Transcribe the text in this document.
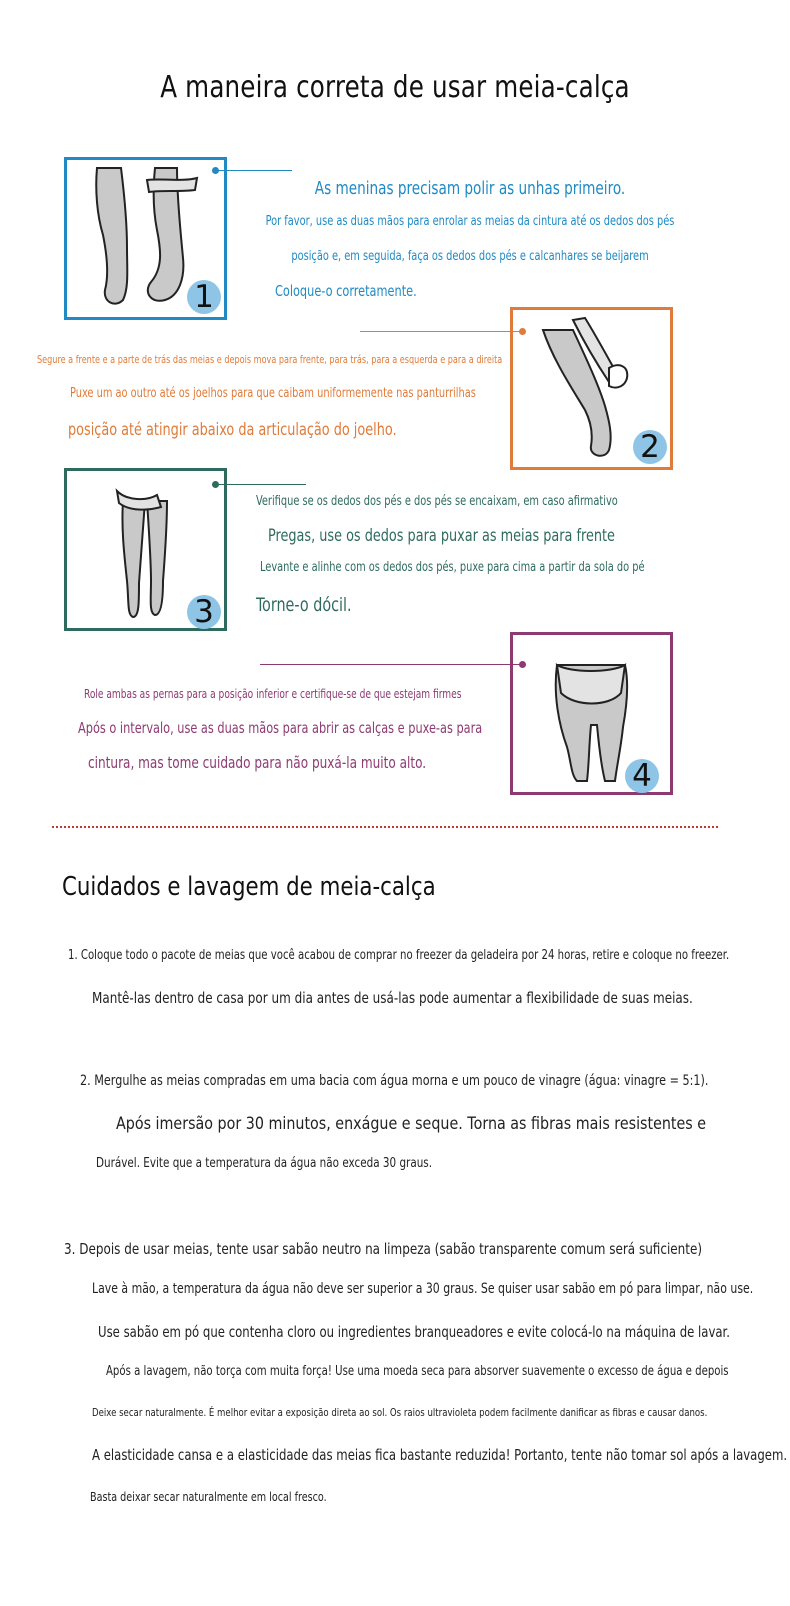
A maneira correta de usar meia-calça
1
As meninas precisam polir as unhas primeiro.
Por favor, use as duas mãos para enrolar as meias da cintura até os dedos dos pés
posição e, em seguida, faça os dedos dos pés e calcanhares se beijarem
Coloque-o corretamente.
2
Segure a frente e a parte de trás das meias e depois mova para frente, para trás, para a esquerda e para a direita
Puxe um ao outro até os joelhos para que caibam uniformemente nas panturrilhas
posição até atingir abaixo da articulação do joelho.
3
Verifique se os dedos dos pés e dos pés se encaixam, em caso afirmativo
Pregas, use os dedos para puxar as meias para frente
Levante e alinhe com os dedos dos pés, puxe para cima a partir da sola do pé
Torne-o dócil.
4
Role ambas as pernas para a posição inferior e certifique-se de que estejam firmes
Após o intervalo, use as duas mãos para abrir as calças e puxe-as para
cintura, mas tome cuidado para não puxá-la muito alto.
Cuidados e lavagem de meia-calça
1. Coloque todo o pacote de meias que você acabou de comprar no freezer da geladeira por 24 horas, retire e coloque no freezer.
Mantê-las dentro de casa por um dia antes de usá-las pode aumentar a flexibilidade de suas meias.
2. Mergulhe as meias compradas em uma bacia com água morna e um pouco de vinagre (água: vinagre = 5:1).
Após imersão por 30 minutos, enxágue e seque. Torna as fibras mais resistentes e
Durável. Evite que a temperatura da água não exceda 30 graus.
3. Depois de usar meias, tente usar sabão neutro na limpeza (sabão transparente comum será suficiente)
Lave à mão, a temperatura da água não deve ser superior a 30 graus. Se quiser usar sabão em pó para limpar, não use.
Use sabão em pó que contenha cloro ou ingredientes branqueadores e evite colocá-lo na máquina de lavar.
Após a lavagem, não torça com muita força! Use uma moeda seca para absorver suavemente o excesso de água e depois
Deixe secar naturalmente. É melhor evitar a exposição direta ao sol. Os raios ultravioleta podem facilmente danificar as fibras e causar danos.
A elasticidade cansa e a elasticidade das meias fica bastante reduzida! Portanto, tente não tomar sol após a lavagem.
Basta deixar secar naturalmente em local fresco.
